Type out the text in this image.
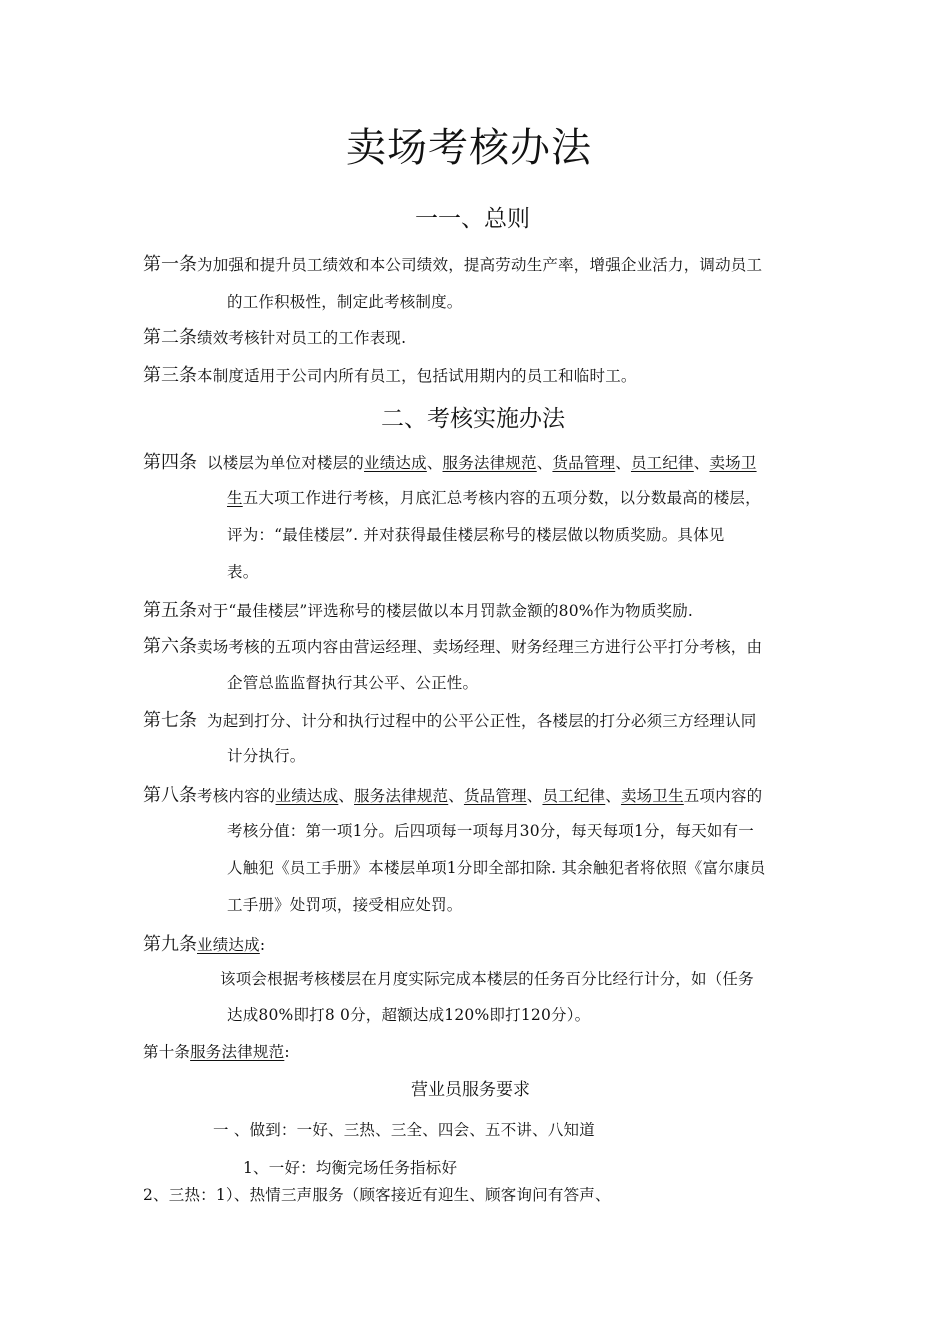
卖场考核办法
一一、总则
第一条为加强和提升员工绩效和本公司绩效，提高劳动生产率，增强企业活力，调动员工
的工作积极性，制定此考核制度。
第二条绩效考核针对员工的工作表现.
第三条本制度适用于公司内所有员工，包括试用期内的员工和临时工。
二、考核实施办法
第四条 以楼层为单位对楼层的业绩达成、服务法律规范、货品管理、员工纪律、卖场卫
生五大项工作进行考核，月底汇总考核内容的五项分数，以分数最高的楼层，
评为：“最佳楼层”. 并对获得最佳楼层称号的楼层做以物质奖励。具体见
表。
第五条对于“最佳楼层”评选称号的楼层做以本月罚款金额的80%作为物质奖励.
第六条卖场考核的五项内容由营运经理、卖场经理、财务经理三方进行公平打分考核，由
企管总监监督执行其公平、公正性。
第七条 为起到打分、计分和执行过程中的公平公正性，各楼层的打分必须三方经理认同
计分执行。
第八条考核内容的业绩达成、服务法律规范、货品管理、员工纪律、卖场卫生五项内容的
考核分值：第一项1分。后四项每一项每月30分，每天每项1分，每天如有一
人触犯《员工手册》本楼层单项1分即全部扣除. 其余触犯者将依照《富尔康员
工手册》处罚项，接受相应处罚。
第九条业绩达成:
该项会根据考核楼层在月度实际完成本楼层的任务百分比经行计分，如（任务
达成80%即打8 0分，超额达成120%即打120分）。
第十条服务法律规范:
营业员服务要求
一 、做到：一好、三热、三全、四会、五不讲、八知道
1、一好：均衡完场任务指标好
2、三热：1）、热情三声服务（顾客接近有迎生、顾客询问有答声、
